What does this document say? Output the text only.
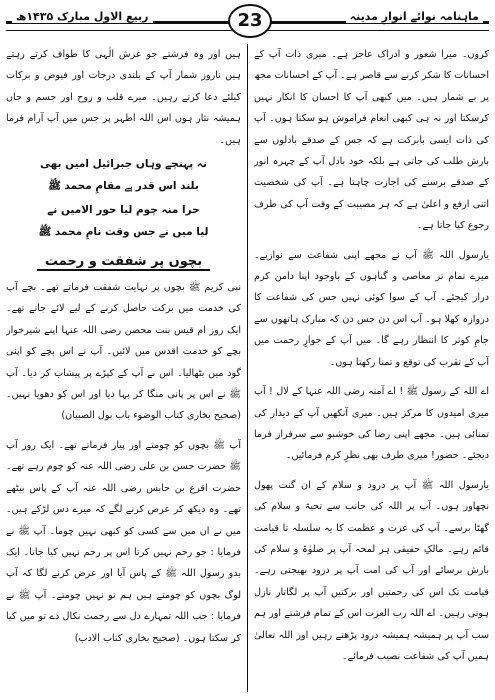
ماہنامہ نوائے انوارِ مدینہ
23
ربیع الاول مبارک ۱۴۳۵ھ

کروں۔ میرا شعور و ادراک عاجز ہے۔ میری ذات آپ کے احسانات کا شکر کرنے سے قاصر ہے۔ آپ کے احسانات مجھ پر بے شمار ہیں۔ میں کبھی آپ کا احسان کا انکار نہیں کرسکتا اور نہ ہی کبھی انعام فراموش ہو سکتا ہوں۔ آپ کی ذات ایسی بابرکت ہے کہ جس کے صدقے بادلوں سے بارش طلب کی جاتی ہے بلکہ خود بادل آپ کے چہرہ انور کے صدقے برسنے کی اجازت چاہتا ہے۔ آپ کی شخصیت اتنی ارفع و اعلیٰ ہے کہ ہر مصیبت کے وقت آپ کی طرف رجوع کیا جاتا ہے۔

یارسول اللہ ﷺ آپ نے مجھے اپنی شفاعت سے نوازیے۔ میرے تمام تر معاصی و گناہوں کے باوجود اپنا دامن کرم دراز کیجئے۔ آپ کے سوا کوئی نہیں جس کی شفاعت کا دروازہ کھلا ہو۔ آپ اس دن جس دن کہ مبارک ہاتھوں سے جامِ کوثر کا انتظار رہے گا۔ میں آپ کے جوارِ رحمت میں آپ کے تقرب کی توقع و تمنا رکھتا ہوں۔

اے اللہ کے رسول ﷺ ! اے آمنہ رضی اللہ عنہا کے لال ! آپ میری امیدوں کا مرکز ہیں۔ میری آنکھیں آپ کے دیدار کی تمنائی ہیں۔ مجھے اپنی رضا کی خوشبو سے سرفراز فرما دیجئے۔ حضور! میری طرف بھی نظرِ کرم فرمائیں۔

یارسول اللہ ﷺ آپ پر درود و سلام کے ان گنت پھول نچھاور ہوں۔ آپ پر اللہ کی جانب سے تحیۃ و سلام کی گھٹا برسے۔ آپ کی عزت و عظمت کا یہ سلسلہ تا قیامت قائم رہے۔ مالکِ حقیقی ہر لمحہ آپ پر صلوٰۃ و سلام کی بارش برسائے اور آپ کی امت آپ پر درود بھیجتی رہے۔ قیامت تک اس کی رحمتیں اور برکتیں آپ پر لگاتار نازل ہوتی رہیں۔ اے اللہ رب العزت اس کے تمام فرشتے اور ہم سب آپ پر ہمیشہ ہمیشہ درود پڑھتے رہیں اور اللہ تعالیٰ ہمیں آپ کی شفاعت نصیب فرمائے۔

ہیں اور وہ فرشتے جو عرش الٰہی کا طواف کرتے رہتے ہیں ناروز شمار آپ کے بلندی درجات اور فیوض و برکات کیلئے دعا کرتے رہیں۔ میرے قلب و روح اور جسم و جاں ہمیشہ نثار ہوں اس اللہ اطہر پر جس میں آپ آرام فرما ہیں۔

نہ پہنچے وہاں جبرائیل امیں بھی
بلند اس قدر ہے مقامِ محمد ﷺ
حرا منہ چوم لیا حور الامیں نے
لیا میں نے جس وقت نامِ محمد ﷺ
بچوں پر شفقت و رحمت

نبی کریم ﷺ بچوں پر نہایت شفقت فرماتے تھے۔ بچے آپ کی خدمت میں برکت حاصل کرنے کے لیے لائے جاتے تھے۔ ایک روز ام قیس بنت محصن رضی اللہ عنہا اپنے شیرخوار بچے کو خدمت اقدس میں لائیں۔ آپ نے اس بچے کو اپنی گود میں بٹھالیا۔ اس نے آپ کے کپڑے پر پیشاب کر دیا۔ آپ ﷺ نے اس پر پانی منگا کر بہا دیا اور اس کو دھویا نہیں۔ (صحیح بخاری کتاب الوضوء باب بول الصبیان)

آپ ﷺ بچوں کو چومتے اور پیار فرماتے تھے۔ ایک روز آپ ﷺ حضرت حسن بن علی رضی اللہ عنہ کو چوم رہے تھے۔ حضرت اقرع بن حابس رضی اللہ عنہ آپ کے پاس بیٹھے تھے۔ وہ دیکھ کر عرض کرنے لگے کہ میرے دس لڑکے ہیں۔ میں نے ان میں سے کسی کو کبھی نہیں چوما۔ آپ ﷺ نے فرمایا : جو رحم نہیں کرتا اس پر رحم نہیں کیا جاتا۔ ایک بدو رسول اللہ ﷺ کے پاس آیا اور عرض کرنے لگا کہ آپ لوگ بچوں کو چومتے ہیں ہم تو نہیں چومتے۔ آپ ﷺ نے فرمایا : جب اللہ تمہارے دل سے رحمت نکال دے تو میں کیا کر سکتا ہوں۔ (صحیح بخاری کتاب الادب)
